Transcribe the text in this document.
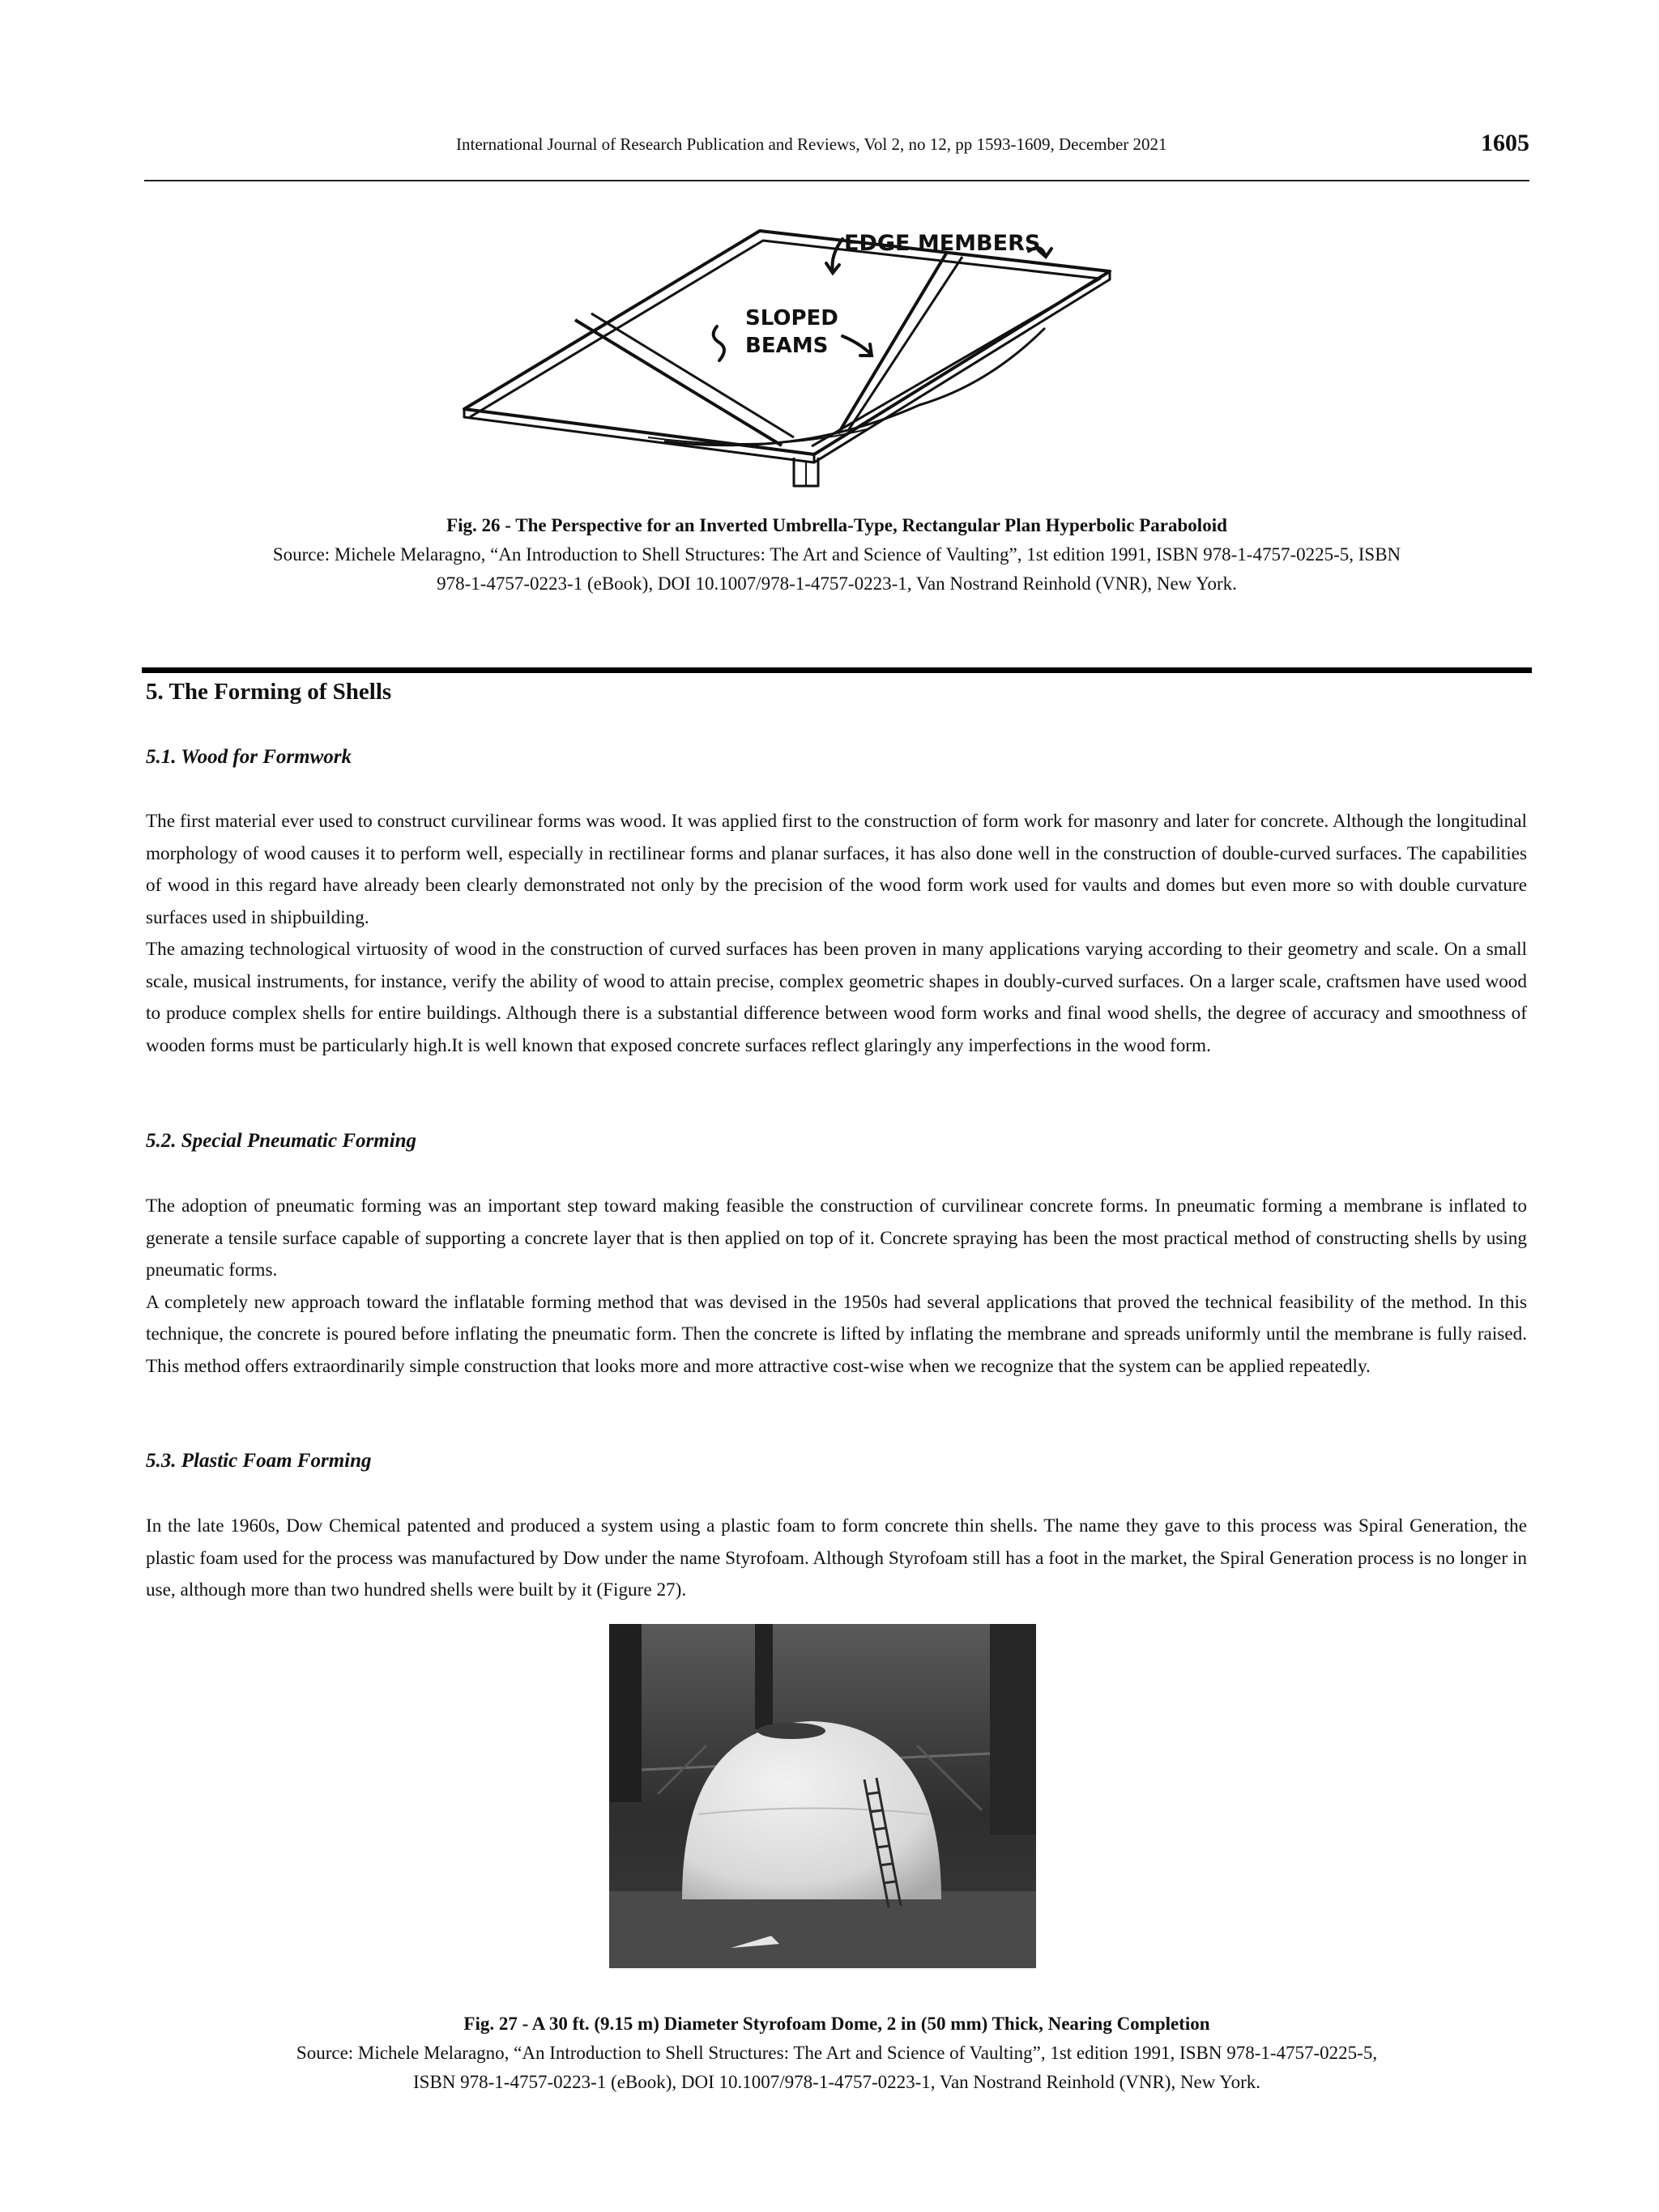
International Journal of Research Publication and Reviews, Vol 2, no 12, pp 1593-1609, December 2021	1605
EDGE MEMBERS
SLOPED
BEAMS
Fig. 26 - The Perspective for an Inverted Umbrella-Type, Rectangular Plan Hyperbolic Paraboloid
Source: Michele Melaragno, “An Introduction to Shell Structures: The Art and Science of Vaulting”, 1st edition 1991, ISBN 978-1-4757-0225-5, ISBN
978-1-4757-0223-1 (eBook), DOI 10.1007/978-1-4757-0223-1, Van Nostrand Reinhold (VNR), New York.
5. The Forming of Shells
5.1. Wood for Formwork

The first material ever used to construct curvilinear forms was wood. It was applied first to the construction of form work for masonry and later for concrete. Although the longitudinal morphology of wood causes it to perform well, especially in rectilinear forms and planar surfaces, it has also done well in the construction of double-curved surfaces. The capabilities of wood in this regard have already been clearly demonstrated not only by the precision of the wood form work used for vaults and domes but even more so with double curvature surfaces used in shipbuilding.

The amazing technological virtuosity of wood in the construction of curved surfaces has been proven in many applications varying according to their geometry and scale. On a small scale, musical instruments, for instance, verify the ability of wood to attain precise, complex geometric shapes in doubly-curved surfaces. On a larger scale, craftsmen have used wood to produce complex shells for entire buildings. Although there is a substantial difference between wood form works and final wood shells, the degree of accuracy and smoothness of wooden forms must be particularly high.It is well known that exposed concrete surfaces reflect glaringly any imperfections in the wood form.

5.2. Special Pneumatic Forming

The adoption of pneumatic forming was an important step toward making feasible the construction of curvilinear concrete forms. In pneumatic forming a membrane is inflated to generate a tensile surface capable of supporting a concrete layer that is then applied on top of it. Concrete spraying has been the most practical method of constructing shells by using pneumatic forms.

A completely new approach toward the inflatable forming method that was devised in the 1950s had several applications that proved the technical feasibility of the method. In this technique, the concrete is poured before inflating the pneumatic form. Then the concrete is lifted by inflating the membrane and spreads uniformly until the membrane is fully raised. This method offers extraordinarily simple construction that looks more and more attractive cost-wise when we recognize that the system can be applied repeatedly.

5.3. Plastic Foam Forming

In the late 1960s, Dow Chemical patented and produced a system using a plastic foam to form concrete thin shells. The name they gave to this process was Spiral Generation, the plastic foam used for the process was manufactured by Dow under the name Styrofoam. Although Styrofoam still has a foot in the market, the Spiral Generation process is no longer in use, although more than two hundred shells were built by it (Figure 27).

Fig. 27 - A 30 ft. (9.15 m) Diameter Styrofoam Dome, 2 in (50 mm) Thick, Nearing Completion
Source: Michele Melaragno, “An Introduction to Shell Structures: The Art and Science of Vaulting”, 1st edition 1991, ISBN 978-1-4757-0225-5,
ISBN 978-1-4757-0223-1 (eBook), DOI 10.1007/978-1-4757-0223-1, Van Nostrand Reinhold (VNR), New York.
